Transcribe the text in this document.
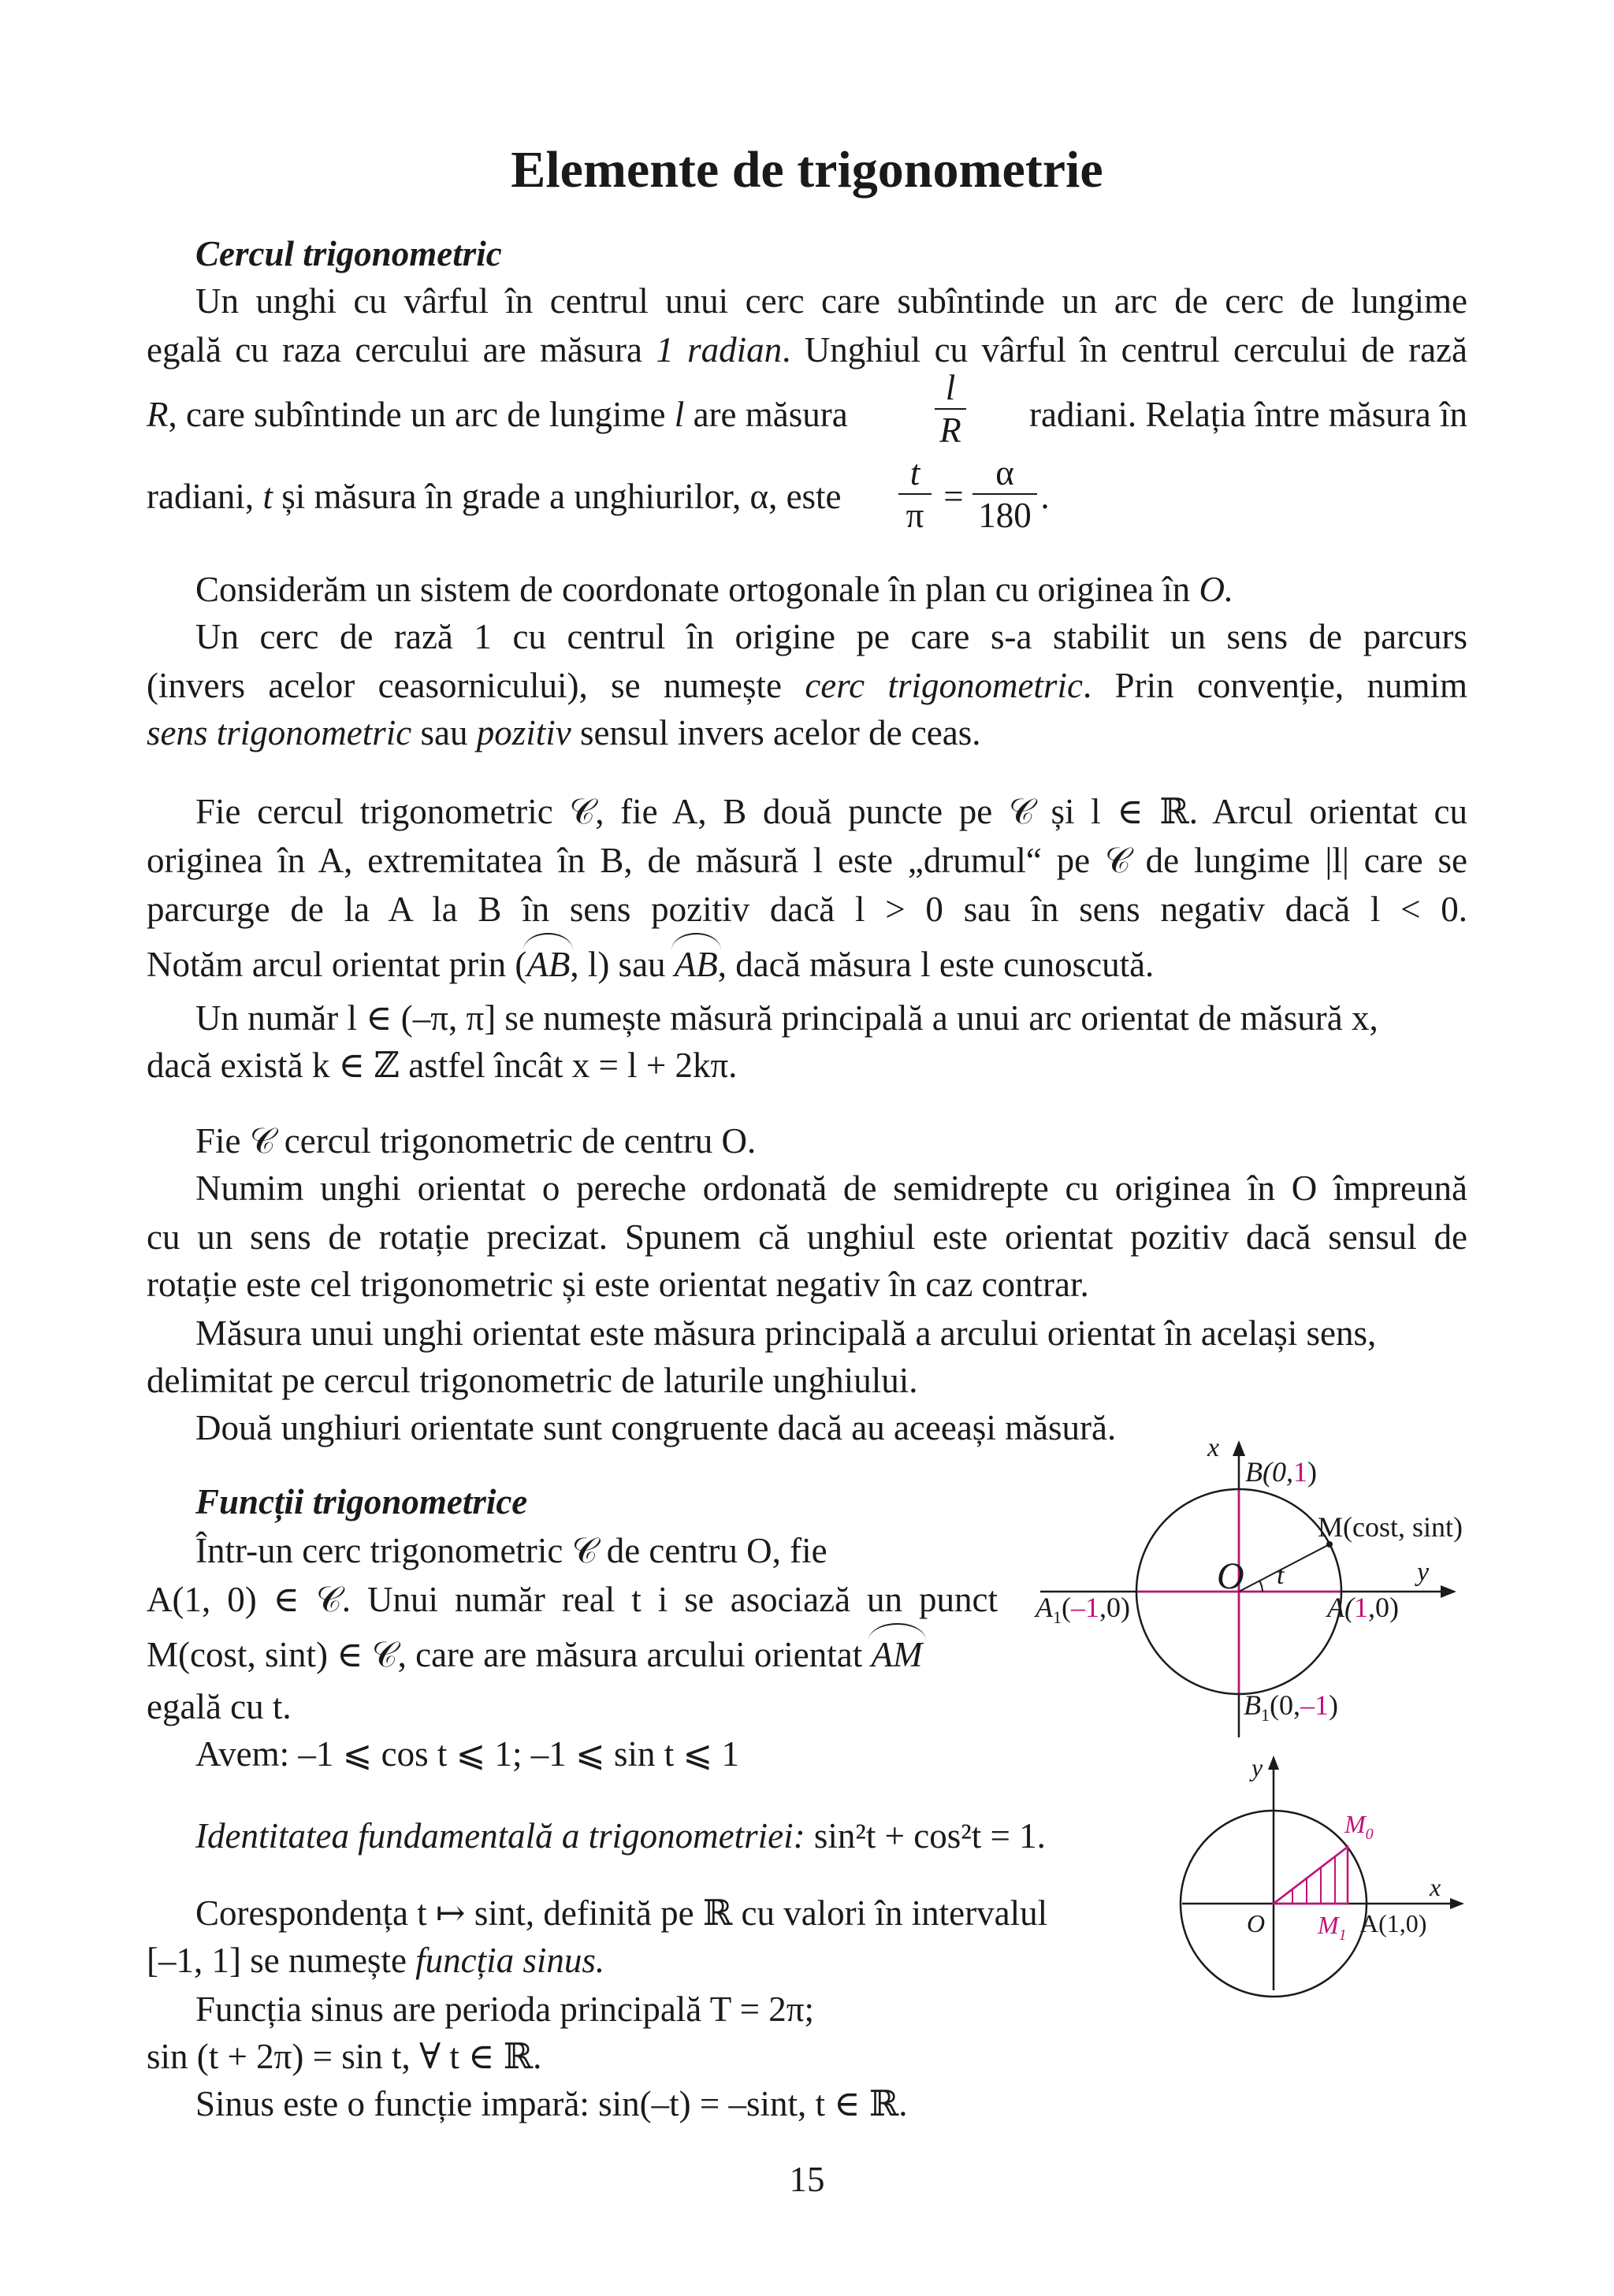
Elemente de trigonometrie
Cercul trigonometric
Un unghi cu vârful în centrul unui cerc care subîntinde un arc de cerc de lungime
egală cu raza cercului are măsura 1 radian. Unghiul cu vârful în centrul cercului de rază
R, care subîntinde un arc de lungime l are măsura	$\frac{l}{R}$	radiani. Relația între măsura în
radiani, t și măsura în grade a unghiurilor, α, este	$\frac{t}{\pi} = \frac{\alpha}{180}$ .
Considerăm un sistem de coordonate ortogonale în plan cu originea în O.
Un cerc de rază 1 cu centrul în origine pe care s-a stabilit un sens de parcurs
(invers acelor ceasornicului), se numește cerc trigonometric. Prin convenție, numim
sens trigonometric sau pozitiv sensul invers acelor de ceas.
Fie cercul trigonometric 𝒞, fie A, B două puncte pe 𝒞 și l ∈ ℝ. Arcul orientat cu
originea în A, extremitatea în B, de măsură l este „drumul“ pe 𝒞 de lungime |l| care se
parcurge de la A la B în sens pozitiv dacă l > 0 sau în sens negativ dacă l < 0.
Notăm arcul orientat prin (AB, l) sau AB, dacă măsura l este cunoscută.
Un număr l ∈ (–π, π] se numește măsură principală a unui arc orientat de măsură x,
dacă există k ∈ ℤ astfel încât x = l + 2kπ.
Fie 𝒞 cercul trigonometric de centru O.
Numim unghi orientat o pereche ordonată de semidrepte cu originea în O împreună
cu un sens de rotație precizat. Spunem că unghiul este orientat pozitiv dacă sensul de
rotație este cel trigonometric și este orientat negativ în caz contrar.
Măsura unui unghi orientat este măsura principală a arcului orientat în același sens,
delimitat pe cercul trigonometric de laturile unghiului.
Două unghiuri orientate sunt congruente dacă au aceeași măsură.
Funcții trigonometrice
Într-un cerc trigonometric 𝒞 de centru O, fie
A(1, 0) ∈ 𝒞. Unui număr real t i se asociază un punct
M(cost, sint) ∈ 𝒞, care are măsura arcului orientat AM
egală cu t.
Avem: –1 ⩽ cos t ⩽ 1; –1 ⩽ sin t ⩽ 1
Identitatea fundamentală a trigonometriei: sin²t + cos²t = 1.
Corespondența t ↦ sint, definită pe ℝ cu valori în intervalul
[–1, 1] se numește funcția sinus.
Funcția sinus are perioda principală T = 2π;
sin (t + 2π) = sin t, ∀ t ∈ ℝ.
Sinus este o funcție impară: sin(–t) = –sint, t ∈ ℝ.
x
y
O t
B(0,1)
M(cost, sint)
$A_1(-1,0)$	A(1,0)
$B_1(0,-1)$
y
x
O
$M_0$
$M_1$ A(1,0)
15
